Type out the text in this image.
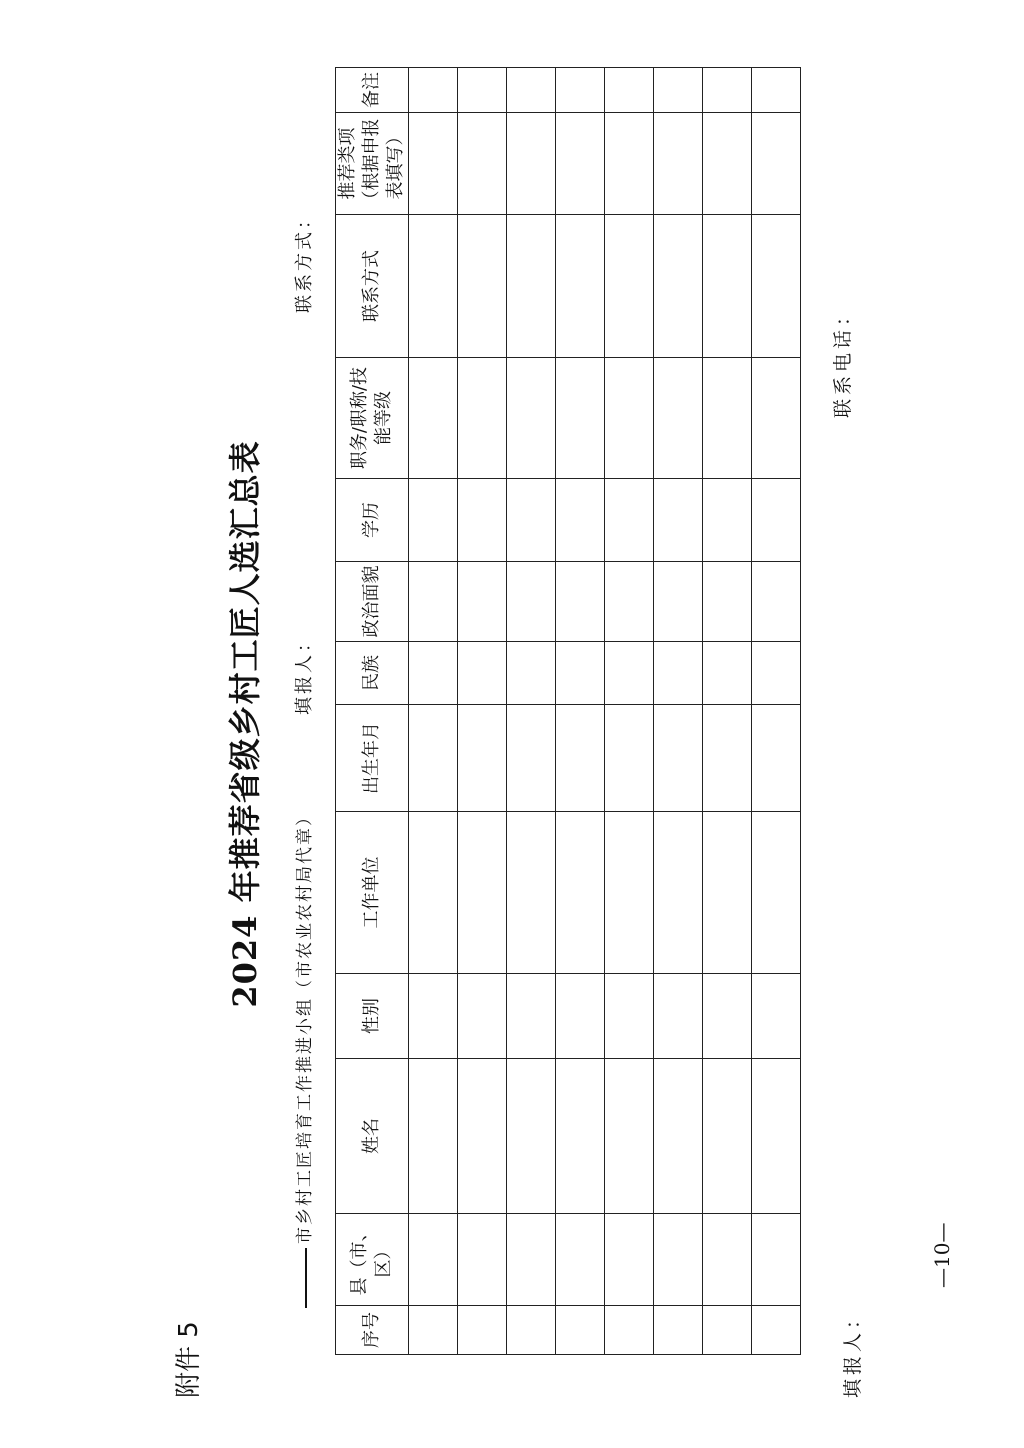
附件 5
2024 年推荐省级乡村工匠人选汇总表
市乡村工匠培育工作推进小组（市农业农村局代章）
填报人：
联系方式：
序号	县（市、区）	姓名	性别	工作单位	出生年月	民族	政治面貌	学历	职务/职称/技能等级	联系方式	推荐类项（根据申报表填写）	备注

填报人：
联系电话：
—10—
